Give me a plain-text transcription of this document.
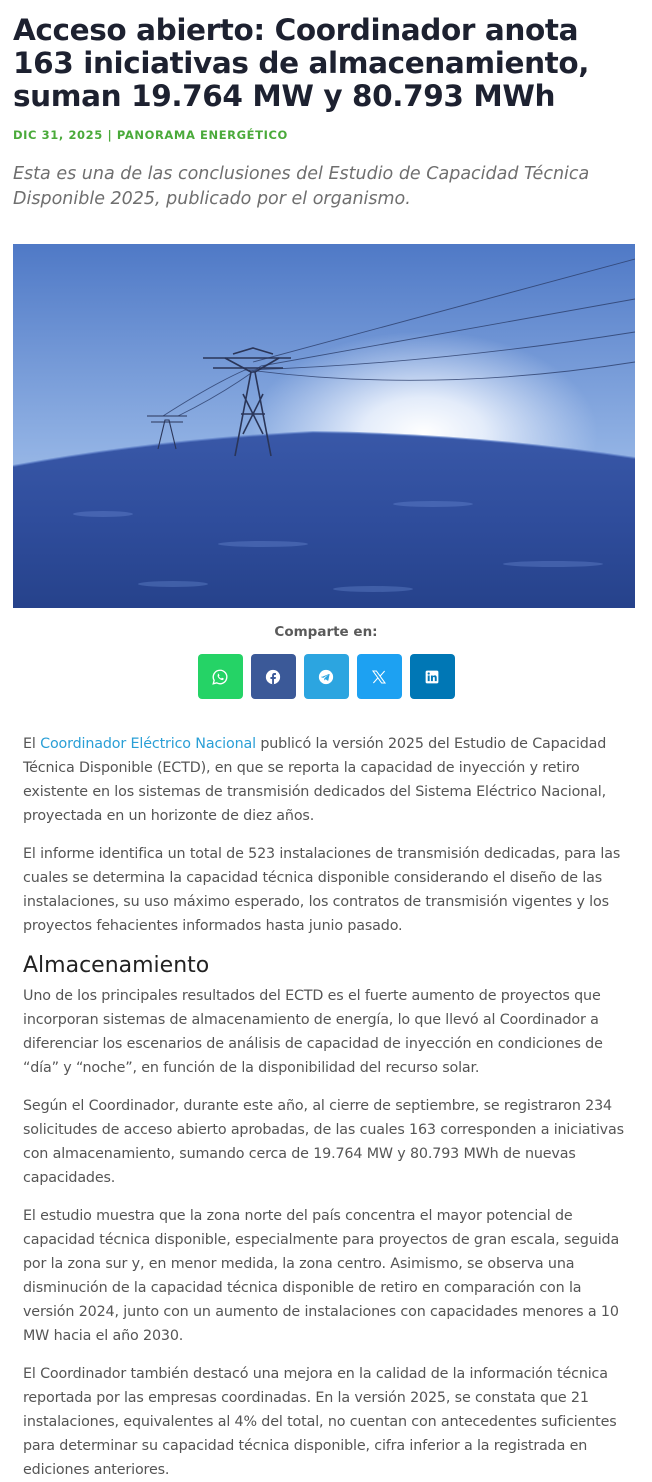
Acceso abierto: Coordinador anota 163 iniciativas de almacenamiento, suman 19.764 MW y 80.793 MWh
DIC 31, 2025 | PANORAMA ENERGÉTICO
Esta es una de las conclusiones del Estudio de Capacidad Técnica Disponible 2025, publicado por el organismo.
Comparte en:

El Coordinador Eléctrico Nacional publicó la versión 2025 del Estudio de Capacidad Técnica Disponible (ECTD), en que se reporta la capacidad de inyección y retiro existente en los sistemas de transmisión dedicados del Sistema Eléctrico Nacional, proyectada en un horizonte de diez años.

El informe identifica un total de 523 instalaciones de transmisión dedicadas, para las cuales se determina la capacidad técnica disponible considerando el diseño de las instalaciones, su uso máximo esperado, los contratos de transmisión vigentes y los proyectos fehacientes informados hasta junio pasado.

Almacenamiento

Uno de los principales resultados del ECTD es el fuerte aumento de proyectos que incorporan sistemas de almacenamiento de energía, lo que llevó al Coordinador a diferenciar los escenarios de análisis de capacidad de inyección en condiciones de “día” y “noche”, en función de la disponibilidad del recurso solar.

Según el Coordinador, durante este año, al cierre de septiembre, se registraron 234 solicitudes de acceso abierto aprobadas, de las cuales 163 corresponden a iniciativas con almacenamiento, sumando cerca de 19.764 MW y 80.793 MWh de nuevas capacidades.

El estudio muestra que la zona norte del país concentra el mayor potencial de capacidad técnica disponible, especialmente para proyectos de gran escala, seguida por la zona sur y, en menor medida, la zona centro. Asimismo, se observa una disminución de la capacidad técnica disponible de retiro en comparación con la versión 2024, junto con un aumento de instalaciones con capacidades menores a 10 MW hacia el año 2030.

El Coordinador también destacó una mejora en la calidad de la información técnica reportada por las empresas coordinadas. En la versión 2025, se constata que 21 instalaciones, equivalentes al 4% del total, no cuentan con antecedentes suficientes para determinar su capacidad técnica disponible, cifra inferior a la registrada en ediciones anteriores.
